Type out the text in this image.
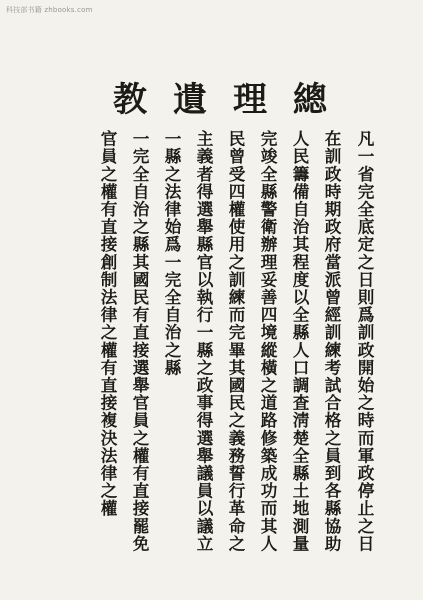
科技部书籍 zhbooks.com
教 遺 理 總
凡一省完全底定之日則爲訓政開始之時而軍政停止之日
在訓政時期政府當派曾經訓練考試合格之員到各縣協助
人民籌備自治其程度以全縣人口調査淸楚全縣土地測量
完竣全縣警衛辦理妥善四境縱橫之道路修築成功而其人
民曾受四權使用之訓練而完畢其國民之義務誓行革命之
主義者得選舉縣官以執行一縣之政事得選舉議員以議立
一縣之法律始爲一完全自治之縣
一完全自治之縣其國民有直接選舉官員之權有直接罷免
官員之權有直接創制法律之權有直接複決法律之權
